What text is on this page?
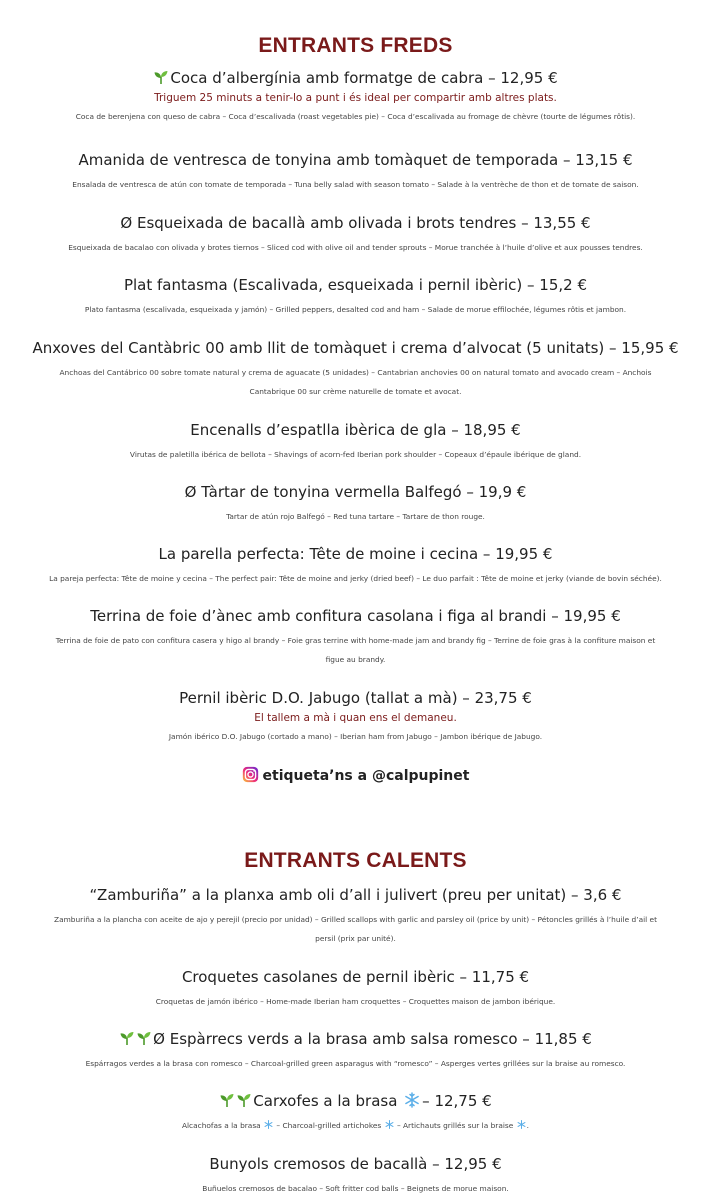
ENTRANTS FREDS
Coca d’albergínia amb formatge de cabra – 12,95 €
Triguem 25 minuts a tenir-lo a punt i és ideal per compartir amb altres plats.
Coca de berenjena con queso de cabra – Coca d’escalivada (roast vegetables pie) – Coca d’escalivada au fromage de chèvre (tourte de légumes rôtis).
Amanida de ventresca de tonyina amb tomàquet de temporada – 13,15 €
Ensalada de ventresca de atún con tomate de temporada – Tuna belly salad with season tomato – Salade à la ventrèche de thon et de tomate de saison.
Ø Esqueixada de bacallà amb olivada i brots tendres – 13,55 €
Esqueixada de bacalao con olivada y brotes tiernos – Sliced cod with olive oil and tender sprouts – Morue tranchée à l’huile d’olive et aux pousses tendres.
Plat fantasma (Escalivada, esqueixada i pernil ibèric) – 15,2 €
Plato fantasma (escalivada, esqueixada y jamón) – Grilled peppers, desalted cod and ham – Salade de morue effilochée, légumes rôtis et jambon.
Anxoves del Cantàbric 00 amb llit de tomàquet i crema d’alvocat (5 unitats) – 15,95 €
Anchoas del Cantábrico 00 sobre tomate natural y crema de aguacate (5 unidades) – Cantabrian anchovies 00 on natural tomato and avocado cream – Anchois
Cantabrique 00 sur crème naturelle de tomate et avocat.
Encenalls d’espatlla ibèrica de gla – 18,95 €
Virutas de paletilla ibérica de bellota – Shavings of acorn-fed Iberian pork shoulder – Copeaux d’épaule ibérique de gland.
Ø Tàrtar de tonyina vermella Balfegó – 19,9 €
Tartar de atún rojo Balfegó – Red tuna tartare – Tartare de thon rouge.
La parella perfecta: Tête de moine i cecina – 19,95 €
La pareja perfecta: Tête de moine y cecina – The perfect pair: Tête de moine and jerky (dried beef) – Le duo parfait : Tête de moine et jerky (viande de bovin séchée).
Terrina de foie d’ànec amb confitura casolana i figa al brandi – 19,95 €
Terrina de foie de pato con confitura casera y higo al brandy – Foie gras terrine with home-made jam and brandy fig – Terrine de foie gras à la confiture maison et
figue au brandy.
Pernil ibèric D.O. Jabugo (tallat a mà) – 23,75 €
El tallem a mà i quan ens el demaneu.
Jamón ibérico D.O. Jabugo (cortado a mano) – Iberian ham from Jabugo – Jambon ibérique de Jabugo.
etiqueta’ns a @calpupinet
ENTRANTS CALENTS
“Zamburiña” a la planxa amb oli d’all i julivert (preu per unitat) – 3,6 €
Zamburiña a la plancha con aceite de ajo y perejil (precio por unidad) – Grilled scallops with garlic and parsley oil (price by unit) – Pétoncles grillés à l’huile d’ail et
persil (prix par unité).
Croquetes casolanes de pernil ibèric – 11,75 €
Croquetas de jamón ibérico – Home-made Iberian ham croquettes – Croquettes maison de jambon ibérique.
Ø Espàrrecs verds a la brasa amb salsa romesco – 11,85 €
Espárragos verdes a la brasa con romesco – Charcoal-grilled green asparagus with “romesco” – Asperges vertes grillées sur la braise au romesco.
Carxofes a la brasa – 12,75 €
Alcachofas a la brasa – Charcoal-grilled artichokes – Artichauts grillés sur la braise .
Bunyols cremosos de bacallà – 12,95 €
Buñuelos cremosos de bacalao – Soft fritter cod balls – Beignets de morue maison.
